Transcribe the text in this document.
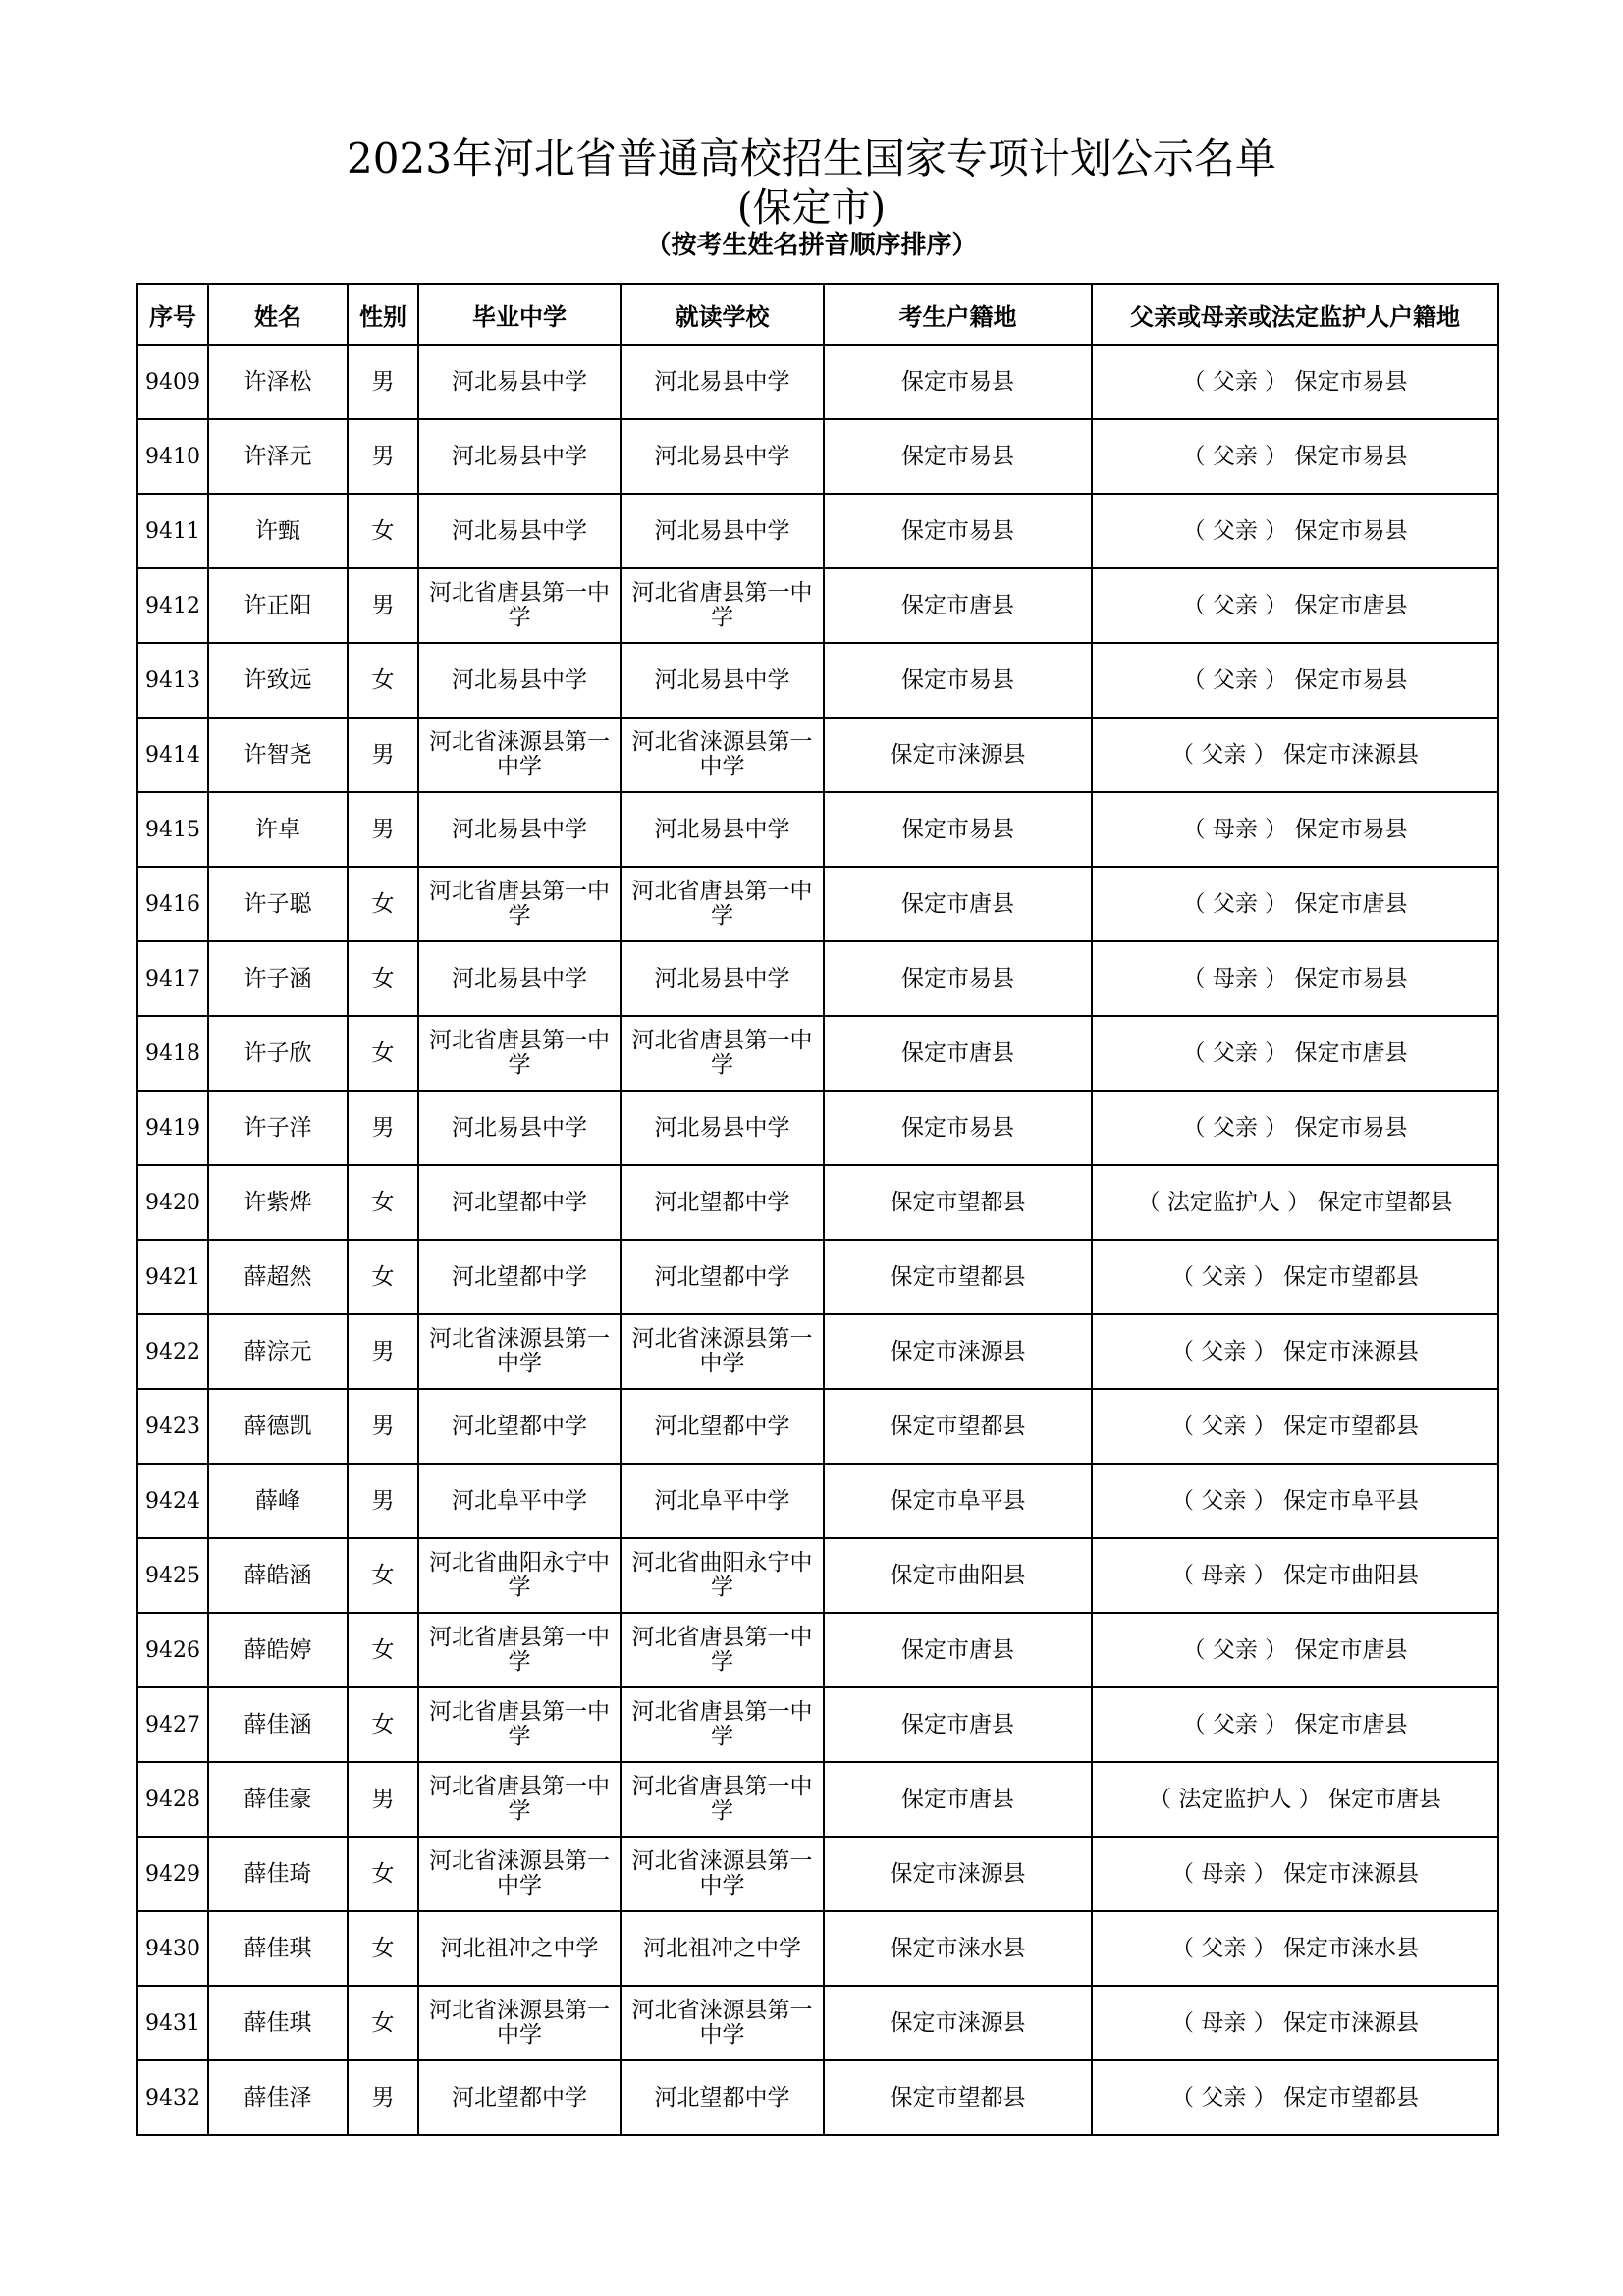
2023年河北省普通高校招生国家专项计划公示名单
(保定市)
（按考生姓名拼音顺序排序）
序号	姓名	性别	毕业中学	就读学校	考生户籍地	父亲或母亲或法定监护人户籍地
9409	许泽松	男	河北易县中学	河北易县中学	保定市易县	（ 父亲 ） 保定市易县
9410	许泽元	男	河北易县中学	河北易县中学	保定市易县	（ 父亲 ） 保定市易县
9411	许甄	女	河北易县中学	河北易县中学	保定市易县	（ 父亲 ） 保定市易县
9412	许正阳	男	河北省唐县第一中学	河北省唐县第一中学	保定市唐县	（ 父亲 ） 保定市唐县
9413	许致远	女	河北易县中学	河北易县中学	保定市易县	（ 父亲 ） 保定市易县
9414	许智尧	男	河北省涞源县第一中学	河北省涞源县第一中学	保定市涞源县	（ 父亲 ） 保定市涞源县
9415	许卓	男	河北易县中学	河北易县中学	保定市易县	（ 母亲 ） 保定市易县
9416	许子聪	女	河北省唐县第一中学	河北省唐县第一中学	保定市唐县	（ 父亲 ） 保定市唐县
9417	许子涵	女	河北易县中学	河北易县中学	保定市易县	（ 母亲 ） 保定市易县
9418	许子欣	女	河北省唐县第一中学	河北省唐县第一中学	保定市唐县	（ 父亲 ） 保定市唐县
9419	许子洋	男	河北易县中学	河北易县中学	保定市易县	（ 父亲 ） 保定市易县
9420	许紫烨	女	河北望都中学	河北望都中学	保定市望都县	（ 法定监护人 ） 保定市望都县
9421	薛超然	女	河北望都中学	河北望都中学	保定市望都县	（ 父亲 ） 保定市望都县
9422	薛淙元	男	河北省涞源县第一中学	河北省涞源县第一中学	保定市涞源县	（ 父亲 ） 保定市涞源县
9423	薛德凯	男	河北望都中学	河北望都中学	保定市望都县	（ 父亲 ） 保定市望都县
9424	薛峰	男	河北阜平中学	河北阜平中学	保定市阜平县	（ 父亲 ） 保定市阜平县
9425	薛皓涵	女	河北省曲阳永宁中学	河北省曲阳永宁中学	保定市曲阳县	（ 母亲 ） 保定市曲阳县
9426	薛皓婷	女	河北省唐县第一中学	河北省唐县第一中学	保定市唐县	（ 父亲 ） 保定市唐县
9427	薛佳涵	女	河北省唐县第一中学	河北省唐县第一中学	保定市唐县	（ 父亲 ） 保定市唐县
9428	薛佳豪	男	河北省唐县第一中学	河北省唐县第一中学	保定市唐县	（ 法定监护人 ） 保定市唐县
9429	薛佳琦	女	河北省涞源县第一中学	河北省涞源县第一中学	保定市涞源县	（ 母亲 ） 保定市涞源县
9430	薛佳琪	女	河北祖冲之中学	河北祖冲之中学	保定市涞水县	（ 父亲 ） 保定市涞水县
9431	薛佳琪	女	河北省涞源县第一中学	河北省涞源县第一中学	保定市涞源县	（ 母亲 ） 保定市涞源县
9432	薛佳泽	男	河北望都中学	河北望都中学	保定市望都县	（ 父亲 ） 保定市望都县
